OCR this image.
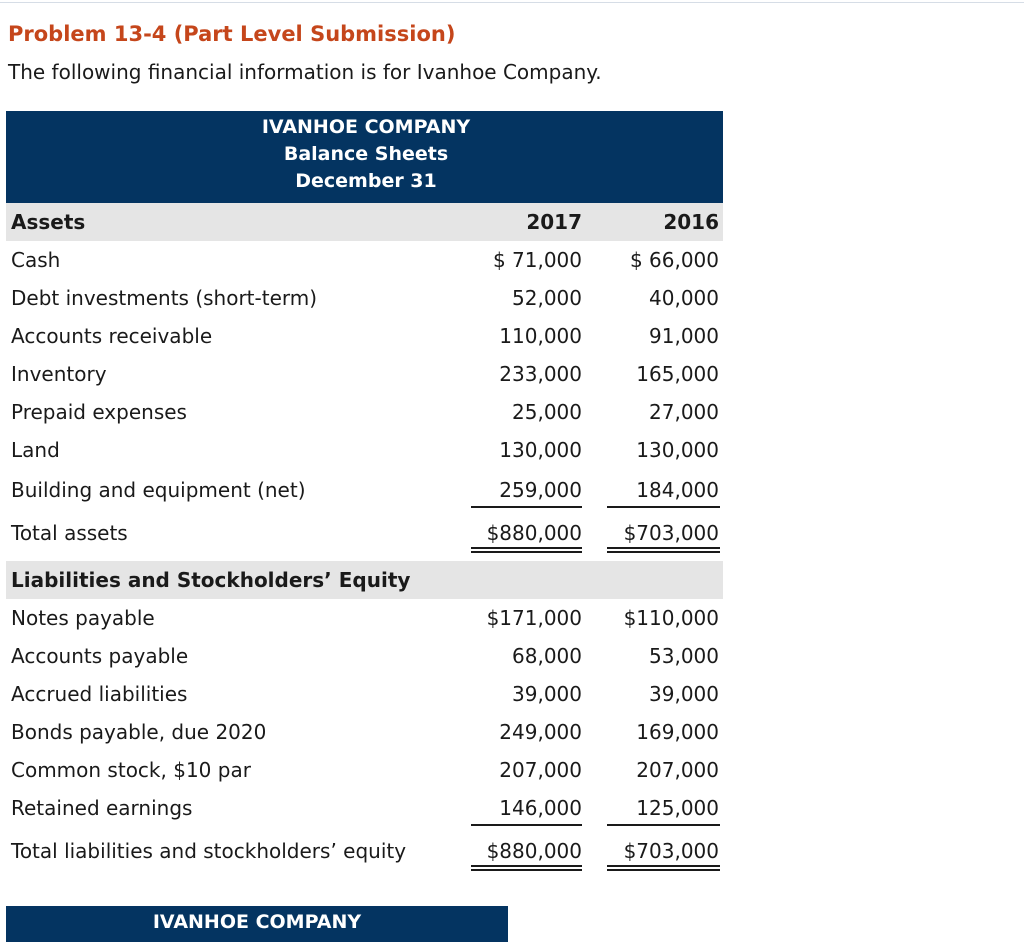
Problem 13-4 (Part Level Submission)
The following financial information is for Ivanhoe Company.
IVANHOE COMPANY
Balance Sheets
December 31
Assets	2017	2016
Cash	$ 71,000	$ 66,000
Debt investments (short-term)	52,000	40,000
Accounts receivable	110,000	91,000
Inventory	233,000	165,000
Prepaid expenses	25,000	27,000
Land	130,000	130,000
Building and equipment (net)	259,000	184,000
Total assets	$880,000	$703,000
Liabilities and Stockholders’ Equity
Notes payable	$171,000	$110,000
Accounts payable	68,000	53,000
Accrued liabilities	39,000	39,000
Bonds payable, due 2020	249,000	169,000
Common stock, $10 par	207,000	207,000
Retained earnings	146,000	125,000
Total liabilities and stockholders’ equity	$880,000	$703,000
IVANHOE COMPANY
